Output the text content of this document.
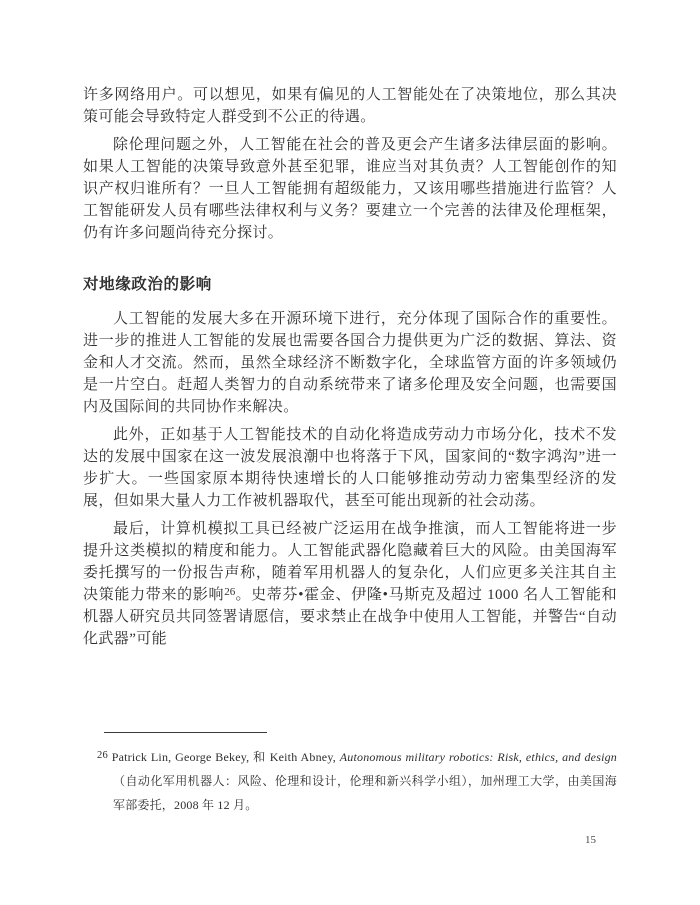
许多网络用户。可以想见，如果有偏见的人工智能处在了决策地位，那么其决策可能会导致特定人群受到不公正的待遇。

除伦理问题之外，人工智能在社会的普及更会产生诸多法律层面的影响。如果人工智能的决策导致意外甚至犯罪，谁应当对其负责？人工智能创作的知识产权归谁所有？一旦人工智能拥有超级能力，又该用哪些措施进行监管？人工智能研发人员有哪些法律权利与义务？要建立一个完善的法律及伦理框架，仍有许多问题尚待充分探讨。

对地缘政治的影响

人工智能的发展大多在开源环境下进行，充分体现了国际合作的重要性。进一步的推进人工智能的发展也需要各国合力提供更为广泛的数据、算法、资金和人才交流。然而，虽然全球经济不断数字化，全球监管方面的许多领域仍是一片空白。赶超人类智力的自动系统带来了诸多伦理及安全问题，也需要国内及国际间的共同协作来解决。

此外，正如基于人工智能技术的自动化将造成劳动力市场分化，技术不发达的发展中国家在这一波发展浪潮中也将落于下风，国家间的“数字鸿沟”进一步扩大。一些国家原本期待快速增长的人口能够推动劳动力密集型经济的发展，但如果大量人力工作被机器取代，甚至可能出现新的社会动荡。

最后，计算机模拟工具已经被广泛运用在战争推演，而人工智能将进一步提升这类模拟的精度和能力。人工智能武器化隐藏着巨大的风险。由美国海军委托撰写的一份报告声称，随着军用机器人的复杂化，人们应更多关注其自主决策能力带来的影响$^{26}$。史蒂芬•霍金、伊隆•马斯克及超过 1000 名人工智能和机器人研究员共同签署请愿信，要求禁止在战争中使用人工智能，并警告“自动化武器”可能

$^{26}$ Patrick Lin, George Bekey, 和 Keith Abney, Autonomous military robotics: Risk, ethics, and design（自动化军用机器人：风险、伦理和设计，伦理和新兴科学小组），加州理工大学，由美国海军部委托，2008 年 12 月。
15
